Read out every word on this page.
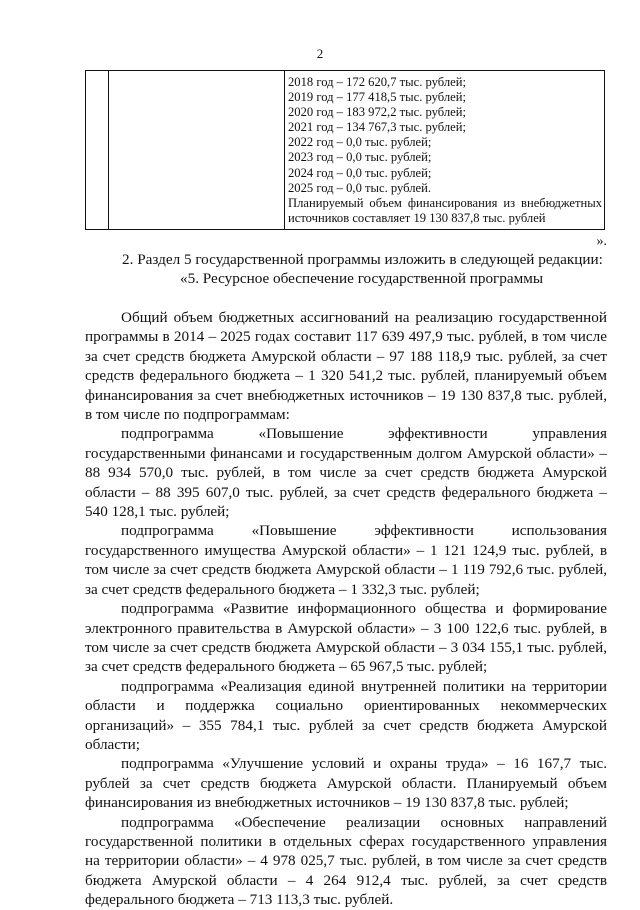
2

2018 год – 172 620,7 тыс. рублей;
2019 год – 177 418,5 тыс. рублей;
2020 год – 183 972,2 тыс. рублей;
2021 год – 134 767,3 тыс. рублей;
2022 год – 0,0 тыс. рублей;
2023 год – 0,0 тыс. рублей;
2024 год – 0,0 тыс. рублей;
2025 год – 0,0 тыс. рублей.
Планируемый объем финансирования из внебюджетных
источников составляет 19 130 837,8 тыс. рублей
».
2. Раздел 5 государственной программы изложить в следующей редакции:
«5. Ресурсное обеспечение государственной программы
Общий объем бюджетных ассигнований на реализацию государственной
программы в 2014 – 2025 годах составит 117 639 497,9 тыс. рублей, в том числе
за счет средств бюджета Амурской области – 97 188 118,9 тыс. рублей, за счет
средств федерального бюджета – 1 320 541,2 тыс. рублей, планируемый объем
финансирования за счет внебюджетных источников – 19 130 837,8 тыс. рублей,
в том числе по подпрограммам:
подпрограмма «Повышение эффективности управления
государственными финансами и государственным долгом Амурской области» –
88 934 570,0 тыс. рублей, в том числе за счет средств бюджета Амурской
области – 88 395 607,0 тыс. рублей, за счет средств федерального бюджета –
540 128,1 тыс. рублей;
подпрограмма «Повышение эффективности использования
государственного имущества Амурской области» – 1 121 124,9 тыс. рублей, в
том числе за счет средств бюджета Амурской области – 1 119 792,6 тыс. рублей,
за счет средств федерального бюджета – 1 332,3 тыс. рублей;
подпрограмма «Развитие информационного общества и формирование
электронного правительства в Амурской области» – 3 100 122,6 тыс. рублей, в
том числе за счет средств бюджета Амурской области – 3 034 155,1 тыс. рублей,
за счет средств федерального бюджета – 65 967,5 тыс. рублей;
подпрограмма «Реализация единой внутренней политики на территории
области и поддержка социально ориентированных некоммерческих
организаций» – 355 784,1 тыс. рублей за счет средств бюджета Амурской
области;
подпрограмма «Улучшение условий и охраны труда» – 16 167,7 тыс.
рублей за счет средств бюджета Амурской области. Планируемый объем
финансирования из внебюджетных источников – 19 130 837,8 тыс. рублей;
подпрограмма «Обеспечение реализации основных направлений
государственной политики в отдельных сферах государственного управления
на территории области» – 4 978 025,7 тыс. рублей, в том числе за счет средств
бюджета Амурской области – 4 264 912,4 тыс. рублей, за счет средств
федерального бюджета – 713 113,3 тыс. рублей.
